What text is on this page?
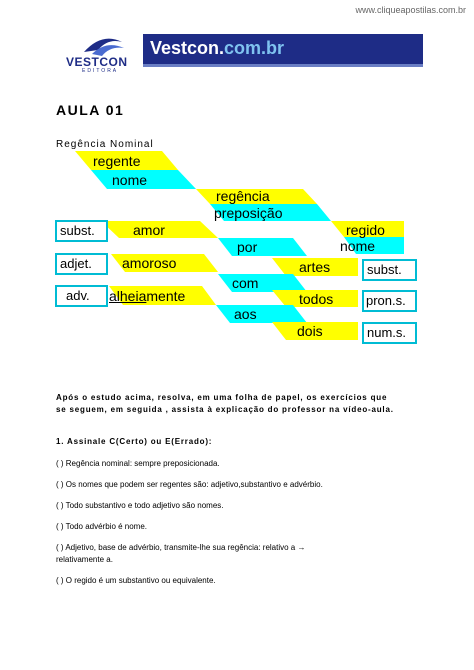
www.cliqueapostilas.com.br
VESTCON
EDITORA
Vestcon.com.br
AULA 01
Regência Nominal
regente
nome
regência
preposição
regido
nome
subst.
adjet.
adv.
amor
amoroso
alheiamente
por
com
aos
artes
todos
dois
subst.
pron.s.
num.s.
Após o estudo acima, resolva, em uma folha de papel, os exercícios que
se seguem, em seguida , assista à explicação do professor na vídeo-aula.
1. Assinale C(Certo) ou E(Errado):
( ) Regência nominal: sempre preposicionada.
( ) Os nomes que podem ser regentes são: adjetivo,substantivo e advérbio.
( ) Todo substantivo e todo adjetivo são nomes.
( ) Todo advérbio é nome.
( ) Adjetivo, base de advérbio, transmite-lhe sua regência: relativo a →
relativamente a.
( ) O regido é um substantivo ou equivalente.
